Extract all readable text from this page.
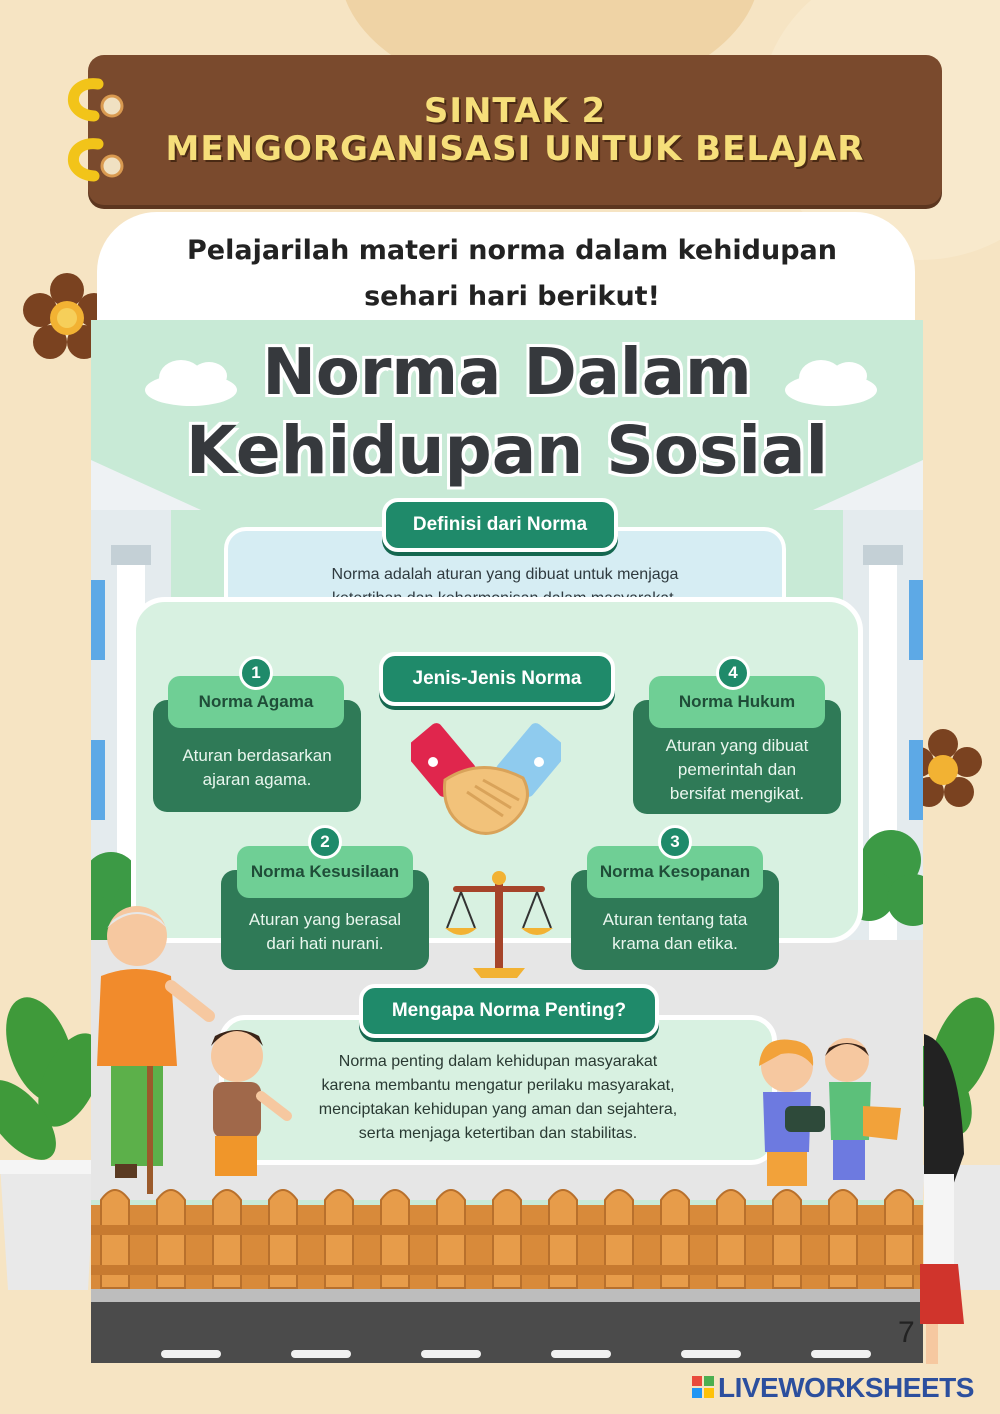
SINTAK 2
MENGORGANISASI UNTUK BELAJAR
Pelajarilah materi norma dalam kehidupan
sehari hari berikut!
Norma Dalam
Kehidupan Sosial
Norma adalah aturan yang dibuat untuk menjaga
Definisi dari Norma
Jenis-Jenis Norma
Aturan berdasarkan
ajaran agama.
Norma Agama
1
Aturan yang dibuat
pemerintah dan
bersifat mengikat.
Norma Hukum
4
Aturan yang berasal
dari hati nurani.
Norma Kesusilaan
2
Aturan tentang tata
krama dan etika.
Norma Kesopanan
3
Norma penting dalam kehidupan masyarakat
karena membantu mengatur perilaku masyarakat,
menciptakan kehidupan yang aman dan sejahtera,
serta menjaga ketertiban dan stabilitas.
Mengapa Norma Penting?
7
LIVEWORKSHEETS
